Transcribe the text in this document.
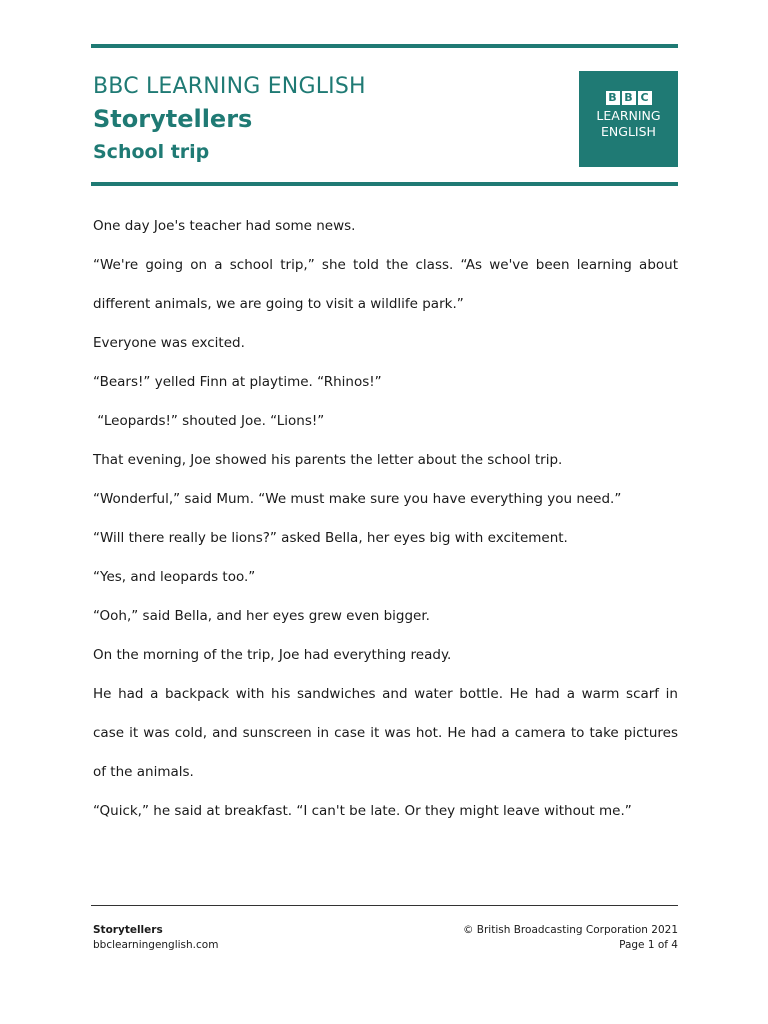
BBC LEARNING ENGLISH
Storytellers
School trip
B B C
LEARNING
ENGLISH

One day Joe's teacher had some news.

“We're going on a school trip,” she told the class. “As we've been learning about different animals, we are going to visit a wildlife park.”

Everyone was excited.

“Bears!” yelled Finn at playtime. “Rhinos!”

“Leopards!” shouted Joe. “Lions!”

That evening, Joe showed his parents the letter about the school trip.

“Wonderful,” said Mum. “We must make sure you have everything you need.”

“Will there really be lions?” asked Bella, her eyes big with excitement.

“Yes, and leopards too.”

“Ooh,” said Bella, and her eyes grew even bigger.

On the morning of the trip, Joe had everything ready.

He had a backpack with his sandwiches and water bottle. He had a warm scarf in case it was cold, and sunscreen in case it was hot. He had a camera to take pictures of the animals.

“Quick,” he said at breakfast. “I can't be late. Or they might leave without me.”

Storytellers
bbclearningenglish.com
© British Broadcasting Corporation 2021
Page 1 of 4
